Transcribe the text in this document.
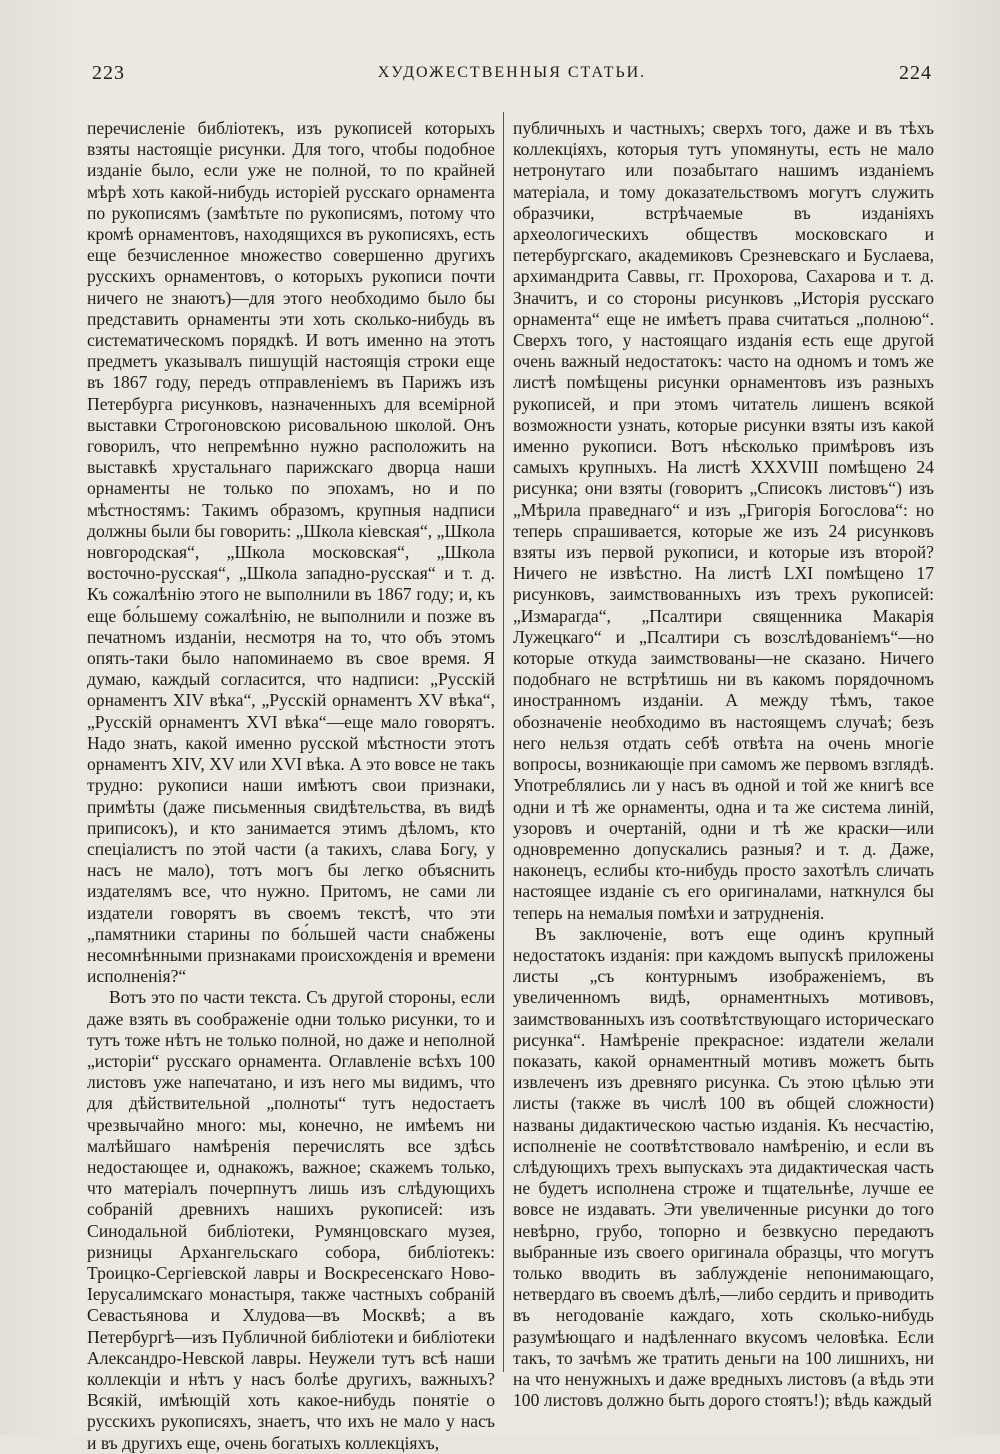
223	ХУДОЖЕСТВЕННЫЯ СТАТЬИ.	224

перечисленіе библіотекъ, изъ рукописей которыхъ взяты настоящіе рисунки. Для того, чтобы подобное изданіе было, если уже не полной, то по крайней мѣрѣ хоть какой-нибудь исторіей русскаго орнамента по рукописямъ (замѣтьте по рукописямъ, потому что кромѣ орнаментовъ, находящихся въ рукописяхъ, есть еще безчисленное множество совершенно другихъ русскихъ орнаментовъ, о которыхъ рукописи почти ничего не знаютъ)—для этого необходимо было бы представить орнаменты эти хоть сколько-нибудь въ систематическомъ порядкѣ. И вотъ именно на этотъ предметъ указывалъ пишущій настоящія строки еще въ 1867 году, передъ отправленіемъ въ Парижъ изъ Петербурга рисунковъ, назначенныхъ для всемірной выставки Строгоновскою рисовальною школой. Онъ говорилъ, что непремѣнно нужно расположить на выставкѣ хрустальнаго парижскаго дворца наши орнаменты не только по эпохамъ, но и по мѣстностямъ: Такимъ образомъ, крупныя надписи должны были бы говорить: „Школа кіевская“, „Школа новгородская“, „Школа московская“, „Школа восточно-русская“, „Школа западно-русская“ и т. д. Къ сожалѣнію этого не выполнили въ 1867 году; и, къ еще бо́льшему сожалѣнію, не выполнили и позже въ печатномъ изданіи, несмотря на то, что объ этомъ опять-таки было напоминаемо въ свое время. Я думаю, каждый согласится, что надписи: „Русскій орнаментъ XIV вѣка“, „Русскій орнаментъ XV вѣка“, „Русскій орнаментъ XVI вѣка“—еще мало говорятъ. Надо знать, какой именно русской мѣстности этотъ орнаментъ XIV, XV или XVI вѣка. А это вовсе не такъ трудно: рукописи наши имѣютъ свои признаки, примѣты (даже письменныя свидѣтельства, въ видѣ приписокъ), и кто занимается этимъ дѣломъ, кто спеціалистъ по этой части (а такихъ, слава Богу, у насъ не мало), тотъ могъ бы легко объяснить издателямъ все, что нужно. Притомъ, не сами ли издатели говорятъ въ своемъ текстѣ, что эти „памятники старины по бо́льшей части снабжены несомнѣнными признаками происхожденія и времени исполненія?“

Вотъ это по части текста. Съ другой стороны, если даже взять въ соображеніе одни только рисунки, то и тутъ тоже нѣтъ не только полной, но даже и неполной „исторіи“ русскаго орнамента. Оглавленіе всѣхъ 100 листовъ уже напечатано, и изъ него мы видимъ, что для дѣйствительной „полноты“ тутъ недостаетъ чрезвычайно много: мы, конечно, не имѣемъ ни малѣйшаго намѣренія перечислять все здѣсь недостающее и, однакожъ, важное; скажемъ только, что матеріалъ почерпнутъ лишь изъ слѣдующихъ собраній древнихъ нашихъ рукописей: изъ Синодальной библіотеки, Румянцовскаго музея, ризницы Архангельскаго собора, библіотекъ: Троицко-Сергіевской лавры и Воскресенскаго Ново-Іерусалимскаго монастыря, также частныхъ собраній Севастьянова и Хлудова—въ Москвѣ; а въ Петербургѣ—изъ Публичной библіотеки и библіотеки Александро-Невской лавры. Неужели тутъ всѣ наши коллекціи и нѣтъ у насъ болѣе другихъ, важныхъ? Всякій, имѣющій хоть какое-нибудь понятіе о русскихъ рукописяхъ, знаетъ, что ихъ не мало у насъ и въ другихъ еще, очень богатыхъ коллекціяхъ,

публичныхъ и частныхъ; сверхъ того, даже и въ тѣхъ коллекціяхъ, которыя тутъ упомянуты, есть не мало нетронутаго или позабытаго нашимъ изданіемъ матеріала, и тому доказательствомъ могутъ служить образчики, встрѣчаемые въ изданіяхъ археологическихъ обществъ московскаго и петербургскаго, академиковъ Срезневскаго и Буслаева, архимандрита Саввы, гг. Прохорова, Сахарова и т. д. Значитъ, и со стороны рисунковъ „Исторія русскаго орнамента“ еще не имѣетъ права считаться „полною“. Сверхъ того, у настоящаго изданія есть еще другой очень важный недостатокъ: часто на одномъ и томъ же листѣ помѣщены рисунки орнаментовъ изъ разныхъ рукописей, и при этомъ читатель лишенъ всякой возможности узнать, которые рисунки взяты изъ какой именно рукописи. Вотъ нѣсколько примѣровъ изъ самыхъ крупныхъ. На листѣ XXXVIII помѣщено 24 рисунка; они взяты (говоритъ „Списокъ листовъ“) изъ „Мѣрила праведнаго“ и изъ „Григорія Богослова“: но теперь спрашивается, которые же изъ 24 рисунковъ взяты изъ первой рукописи, и которые изъ второй? Ничего не извѣстно. На листѣ LXI помѣщено 17 рисунковъ, заимствованныхъ изъ трехъ рукописей: „Измарагда“, „Псалтири священника Макарія Лужецкаго“ и „Псалтири съ возслѣдованіемъ“—но которые откуда заимствованы—не сказано. Ничего подобнаго не встрѣтишь ни въ какомъ порядочномъ иностранномъ изданіи. А между тѣмъ, такое обозначеніе необходимо въ настоящемъ случаѣ; безъ него нельзя отдать себѣ отвѣта на очень многіе вопросы, возникающіе при самомъ же первомъ взглядѣ. Употреблялись ли у насъ въ одной и той же книгѣ все одни и тѣ же орнаменты, одна и та же система линій, узоровъ и очертаній, одни и тѣ же краски—или одновременно допускались разныя? и т. д. Даже, наконецъ, еслибы кто-нибудь просто захотѣлъ сличать настоящее изданіе съ его оригиналами, наткнулся бы теперь на немалыя помѣхи и затрудненія.

Въ заключеніе, вотъ еще одинъ крупный недостатокъ изданія: при каждомъ выпускѣ приложены листы „съ контурнымъ изображеніемъ, въ увеличенномъ видѣ, орнаментныхъ мотивовъ, заимствованныхъ изъ соотвѣтствующаго историческаго рисунка“. Намѣреніе прекрасное: издатели желали показать, какой орнаментный мотивъ можетъ быть извлеченъ изъ древняго рисунка. Съ этою цѣлью эти листы (также въ числѣ 100 въ общей сложности) названы дидактическою частью изданія. Къ несчастію, исполненіе не соотвѣтствовало намѣренію, и если въ слѣдующихъ трехъ выпускахъ эта дидактическая часть не будетъ исполнена строже и тщательнѣе, лучше ее вовсе не издавать. Эти увеличенные рисунки до того невѣрно, грубо, топорно и безвкусно передаютъ выбранные изъ своего оригинала образцы, что могутъ только вводить въ заблужденіе непонимающаго, нетвердаго въ своемъ дѣлѣ,—либо сердить и приводить въ негодованіе каждаго, хоть сколько-нибудь разумѣющаго и надѣленнаго вкусомъ человѣка. Если такъ, то зачѣмъ же тратить деньги на 100 лишнихъ, ни на что ненужныхъ и даже вредныхъ листовъ (а вѣдь эти 100 листовъ должно быть дорого стоятъ!); вѣдь каждый
